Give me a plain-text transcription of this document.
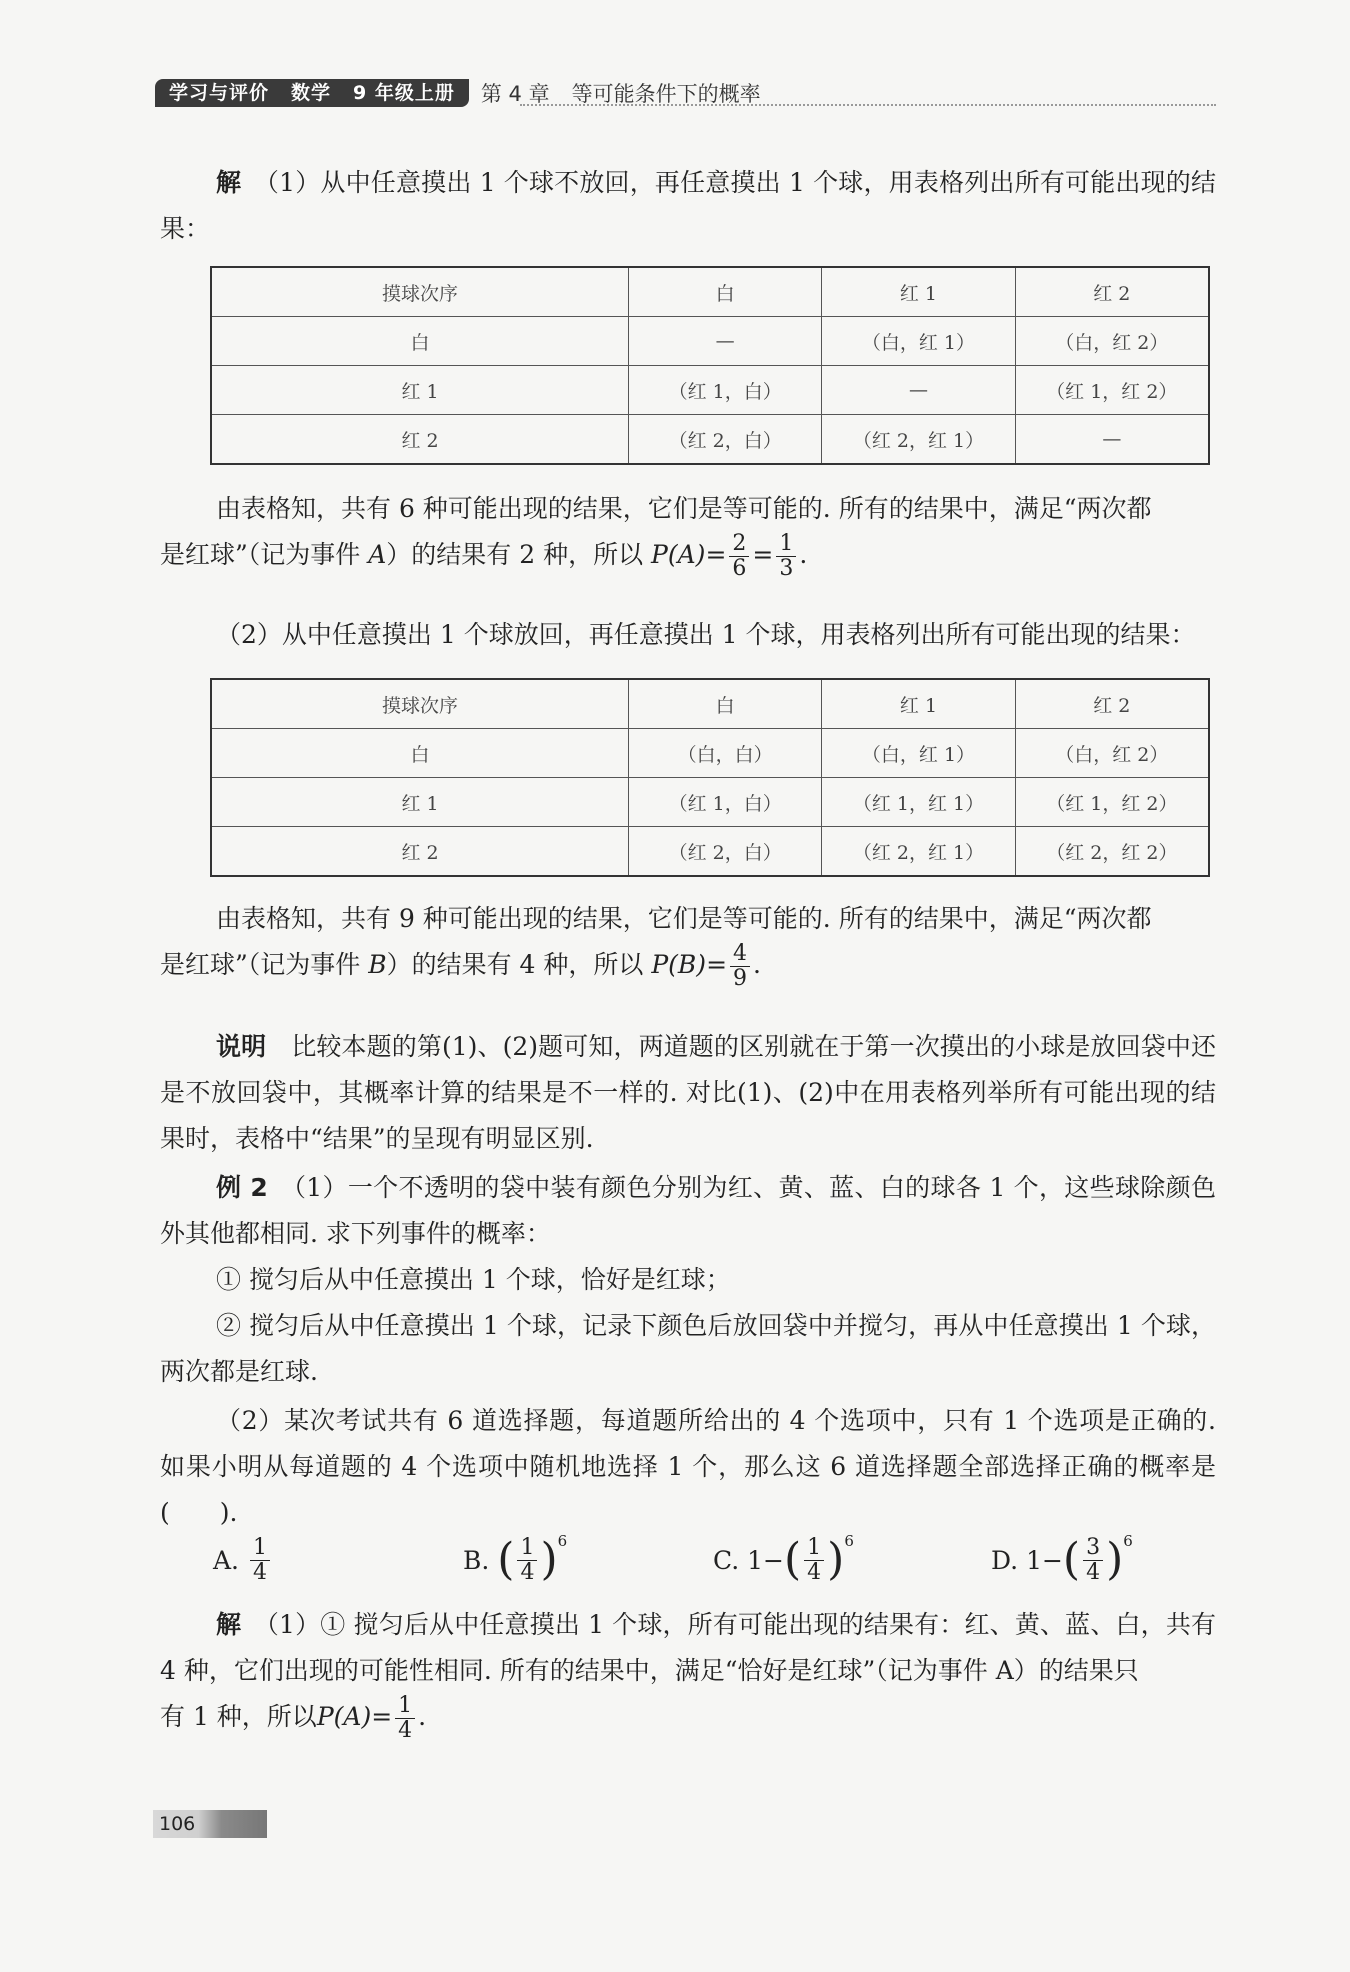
学习与评价 数学 9 年级上册 第 4 章 等可能条件下的概率
解　 （1）从中任意摸出 1 个球不放回，再任意摸出 1 个球，用表格列出所有可能出现的结果：
摸球次序	白	红 1	红 2
白	—	（白，红 1）	（白，红 2）
红 1	（红 1，白）	—	（红 1，红 2）
红 2	（红 2，白）	（红 2，红 1）	—
由表格知，共有 6 种可能出现的结果，它们是等可能的. 所有的结果中，满足“两次都
是红球”（记为事件 A）的结果有 2 种，所以 $P(A)= \frac{2}{6} = \frac{1}{3}$ .
（2）从中任意摸出 1 个球放回，再任意摸出 1 个球，用表格列出所有可能出现的结果：
摸球次序	白	红 1	红 2
白	（白，白）	（白，红 1）	（白，红 2）
红 1	（红 1，白）	（红 1，红 1）	（红 1，红 2）
红 2	（红 2，白）	（红 2，红 1）	（红 2，红 2）
由表格知，共有 9 种可能出现的结果，它们是等可能的. 所有的结果中，满足“两次都
是红球”（记为事件 B）的结果有 4 种，所以 $P(B)= \frac{4}{9}$ .
说明　 比较本题的第(1)、(2)题可知，两道题的区别就在于第一次摸出的小球是放回袋中还是不放回袋中，其概率计算的结果是不一样的. 对比(1)、(2)中在用表格列举所有可能出现的结果时，表格中“结果”的呈现有明显区别.
例 2　 （1）一个不透明的袋中装有颜色分别为红、黄、蓝、白的球各 1 个，这些球除颜色外其他都相同. 求下列事件的概率：
① 搅匀后从中任意摸出 1 个球，恰好是红球；
② 搅匀后从中任意摸出 1 个球，记录下颜色后放回袋中并搅匀，再从中任意摸出 1 个球，两次都是红球.
（2）某次考试共有 6 道选择题，每道题所给出的 4 个选项中，只有 1 个选项是正确的. 如果小明从每道题的 4 个选项中随机地选择 1 个，那么这 6 道选择题全部选择正确的概率是(　　).
A.
$\frac{1}{4}$	B.
( $\frac{1}{4}$ ) 6
C.
1− ( $\frac{1}{4}$ ) 6
D.
1− ( $\frac{3}{4}$ ) 6
解　 （1）① 搅匀后从中任意摸出 1 个球，所有可能出现的结果有：红、黄、蓝、白，共有 4 种，它们出现的可能性相同. 所有的结果中，满足“恰好是红球”（记为事件 A）的结果只
有 1 种，所以$P(A)= \frac{1}{4}$ .
106
